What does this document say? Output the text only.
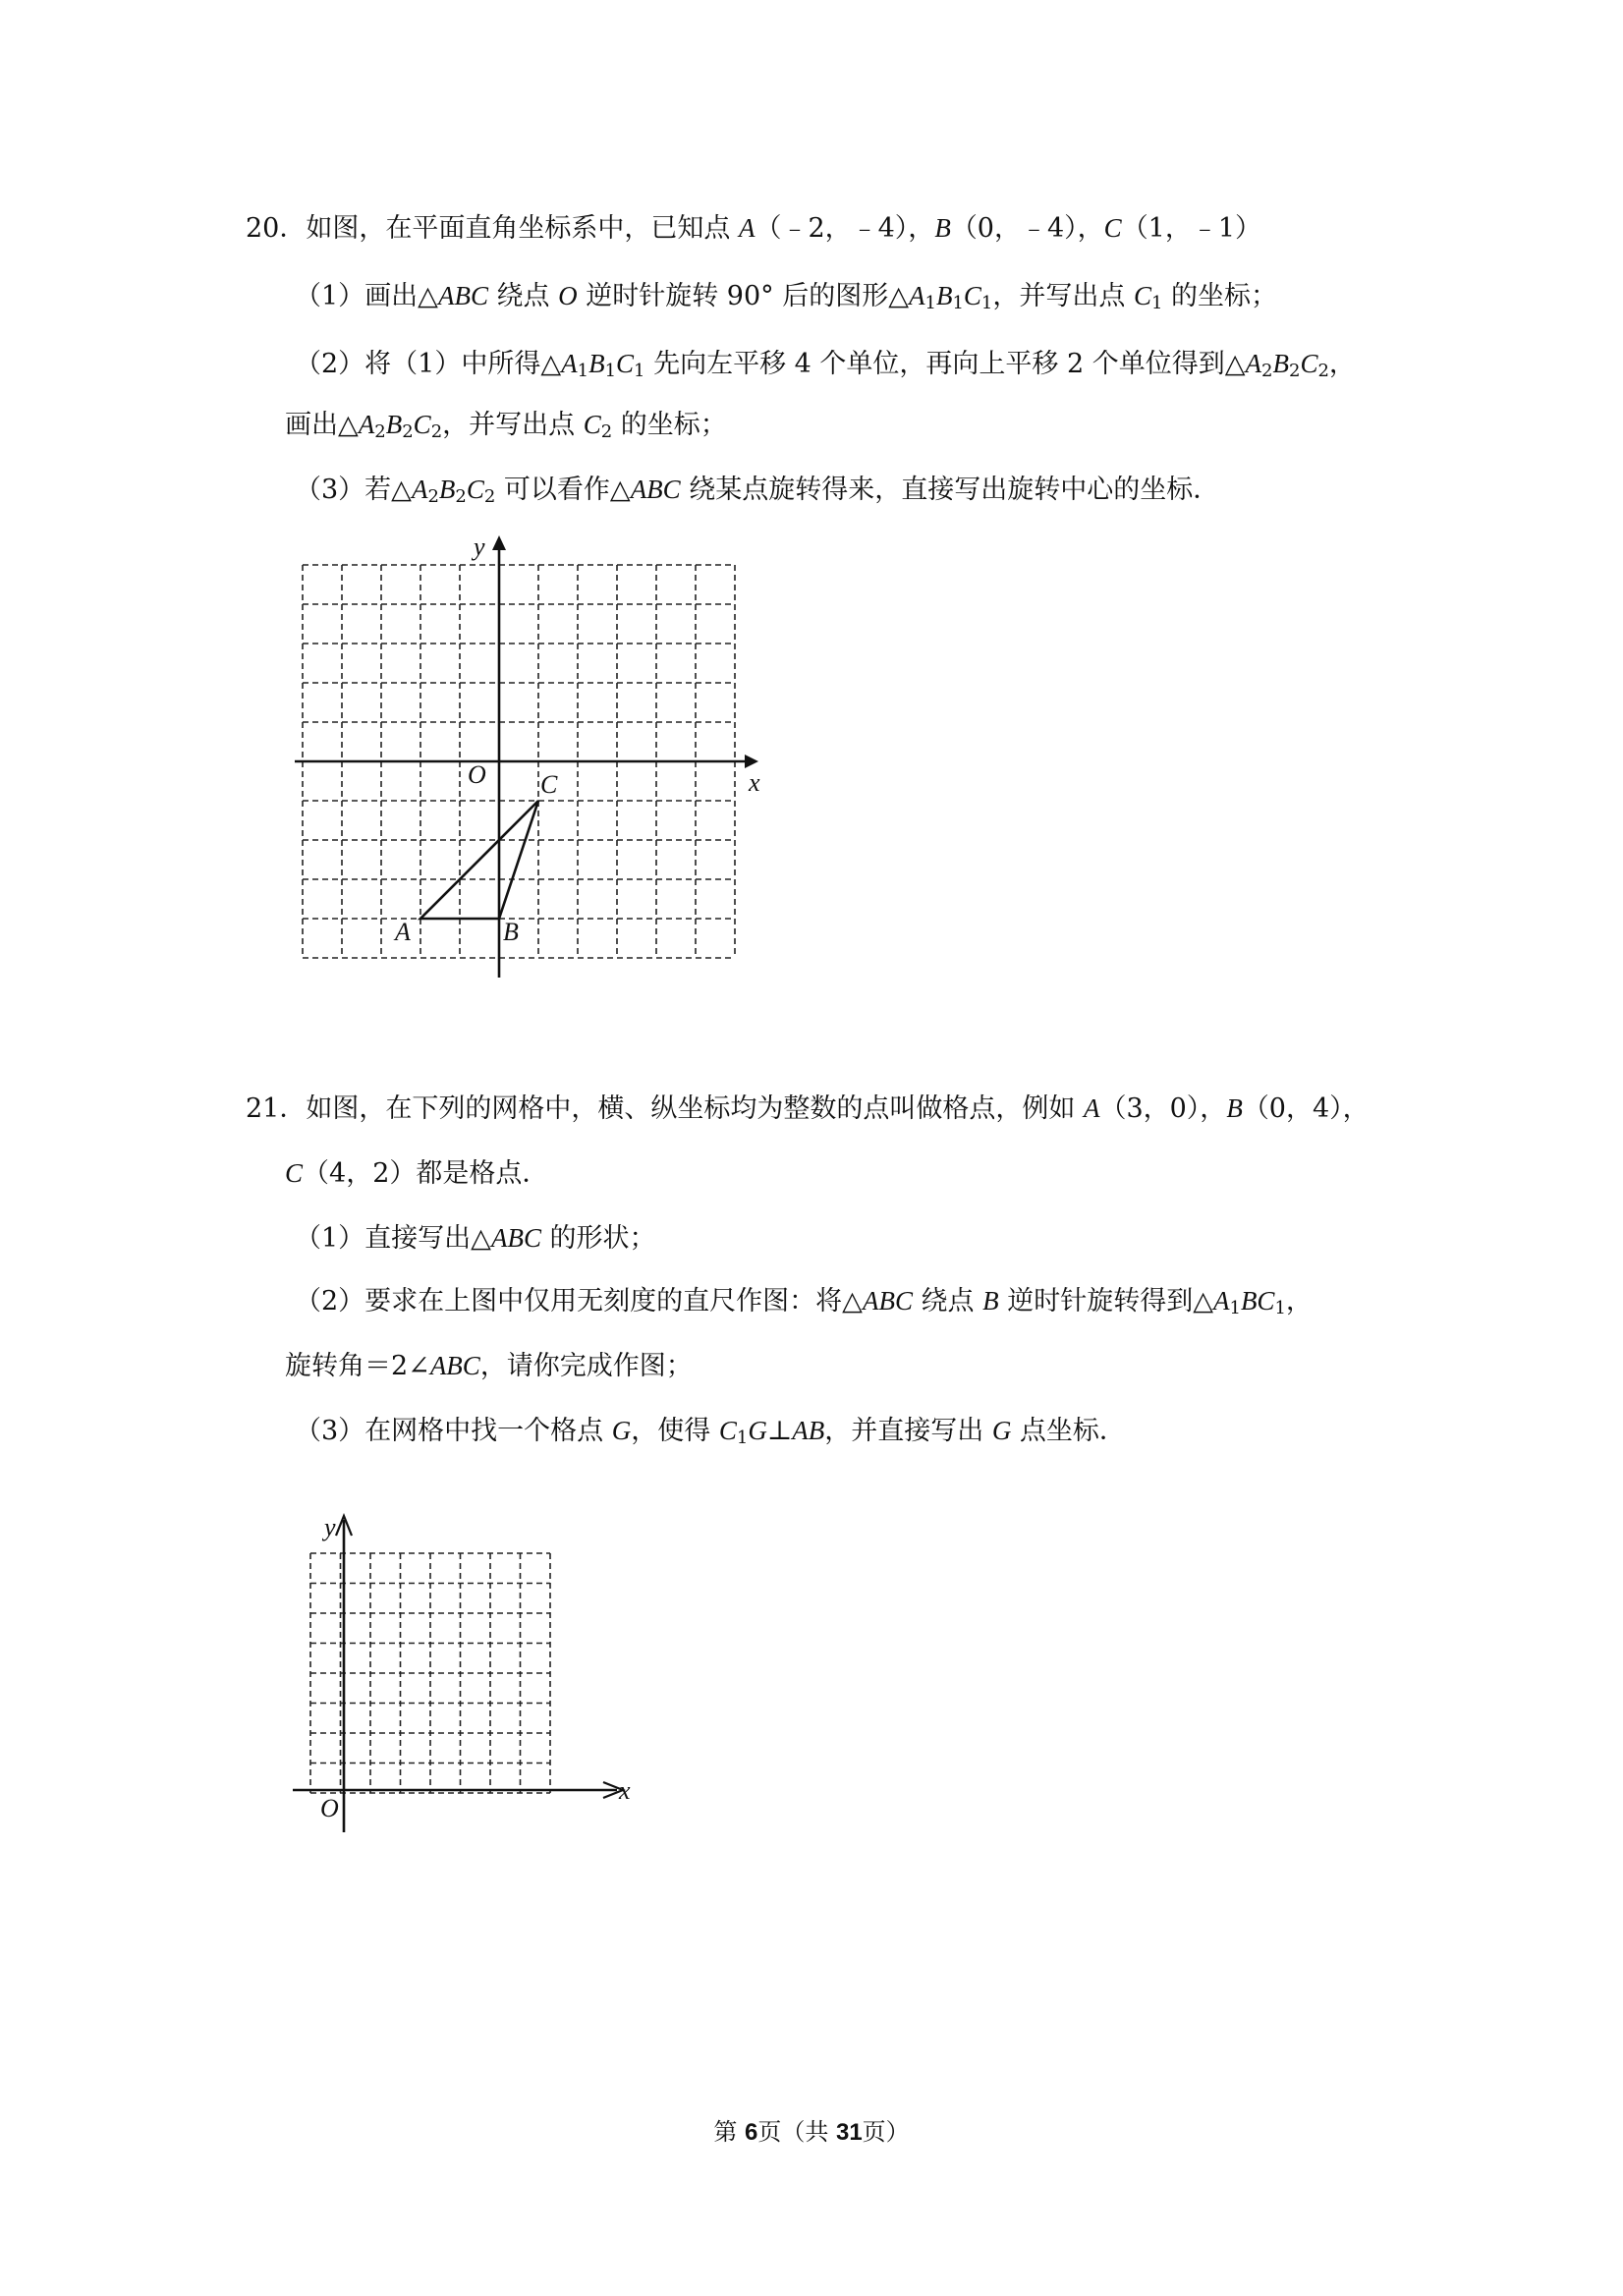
20．如图，在平面直角坐标系中，已知点 A（﹣2，﹣4），B（0，﹣4），C（1，﹣1）
（1）画出△ABC 绕点 O 逆时针旋转 90° 后的图形$\triangle A_1B_1C_1$，并写出点 $C_1$ 的坐标；
（2）将（1）中所得$\triangle A_1B_1C_1$ 先向左平移 4 个单位，再向上平移 2 个单位得到$\triangle A_2B_2C_2$，
画出$\triangle A_2B_2C_2$，并写出点 $C_2$ 的坐标；
（3）若$\triangle A_2B_2C_2$ 可以看作△ABC 绕某点旋转得来，直接写出旋转中心的坐标．
y
x
O
A	B
C
21．如图，在下列的网格中，横、纵坐标均为整数的点叫做格点，例如 A（3，0），B（0，4），
C（4，2）都是格点．
（1）直接写出△ABC 的形状；
（2）要求在上图中仅用无刻度的直尺作图：将△ABC 绕点 B 逆时针旋转得到$\triangle A_1BC_1$，
旋转角＝2∠ABC，请你完成作图；
（3）在网格中找一个格点 G，使得 $C_1G\perp AB$，并直接写出 G 点坐标．
y
x
O
第 6页（共 31页）
